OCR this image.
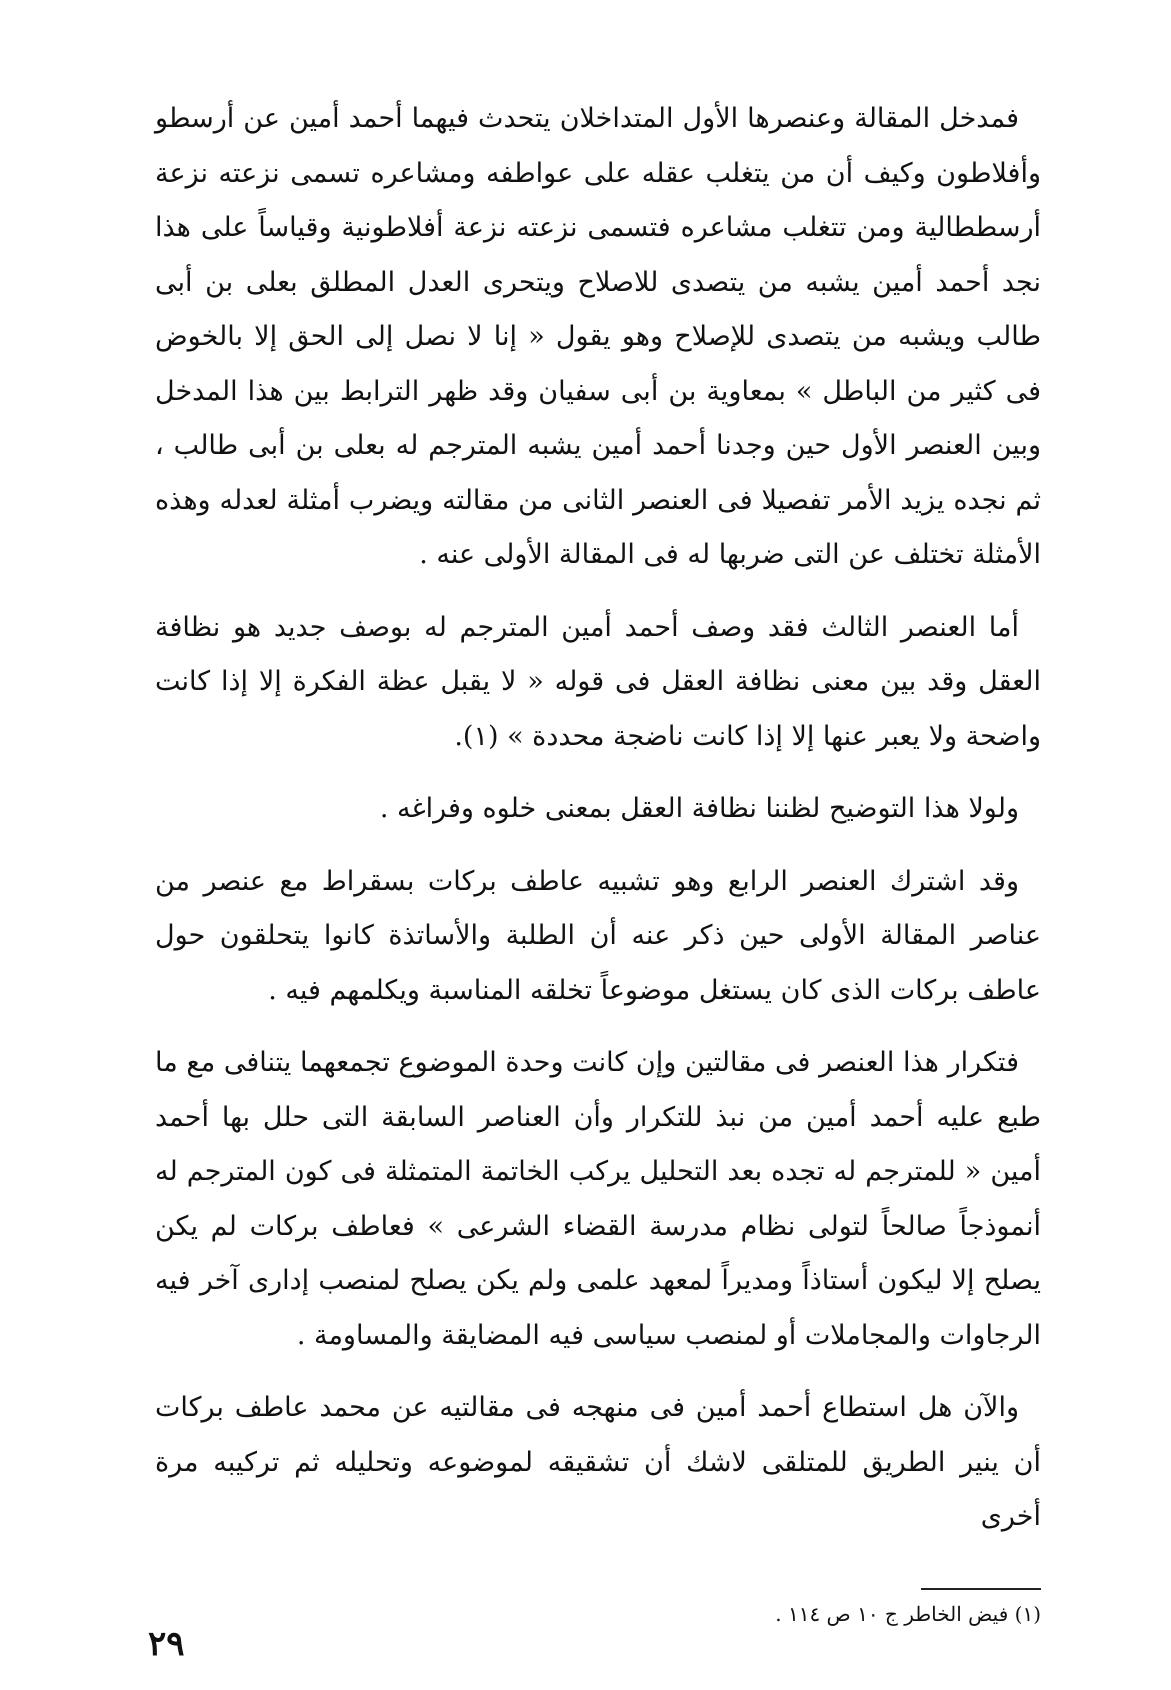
فمدخل المقالة وعنصرها الأول المتداخلان يتحدث فيهما أحمد أمين عن أرسطو وأفلاطون وكيف أن من يتغلب عقله على عواطفه ومشاعره تسمى نزعته نزعة أرسططالية ومن تتغلب مشاعره فتسمى نزعته نزعة أفلاطونية وقياساً على هذا نجد أحمد أمين يشبه من يتصدى للاصلاح ويتحرى العدل المطلق بعلى بن أبى طالب ويشبه من يتصدى للإصلاح وهو يقول « إنا لا نصل إلى الحق إلا بالخوض فى كثير من الباطل » بمعاوية بن أبى سفيان وقد ظهر الترابط بين هذا المدخل وبين العنصر الأول حين وجدنا أحمد أمين يشبه المترجم له بعلى بن أبى طالب ، ثم نجده يزيد الأمر تفصيلا فى العنصر الثانى من مقالته ويضرب أمثلة لعدله وهذه الأمثلة تختلف عن التى ضربها له فى المقالة الأولى عنه .

أما العنصر الثالث فقد وصف أحمد أمين المترجم له بوصف جديد هو نظافة العقل وقد بين معنى نظافة العقل فى قوله « لا يقبل عظة الفكرة إلا إذا كانت واضحة ولا يعبر عنها إلا إذا كانت ناضجة محددة » (١).

ولولا هذا التوضيح لظننا نظافة العقل بمعنى خلوه وفراغه .

وقد اشترك العنصر الرابع وهو تشبيه عاطف بركات بسقراط مع عنصر من عناصر المقالة الأولى حين ذكر عنه أن الطلبة والأساتذة كانوا يتحلقون حول عاطف بركات الذى كان يستغل موضوعاً تخلقه المناسبة ويكلمهم فيه .

فتكرار هذا العنصر فى مقالتين وإن كانت وحدة الموضوع تجمعهما يتنافى مع ما طبع عليه أحمد أمين من نبذ للتكرار وأن العناصر السابقة التى حلل بها أحمد أمين « للمترجم له تجده بعد التحليل يركب الخاتمة المتمثلة فى كون المترجم له أنموذجاً صالحاً لتولى نظام مدرسة القضاء الشرعى » فعاطف بركات لم يكن يصلح إلا ليكون أستاذاً ومديراً لمعهد علمى ولم يكن يصلح لمنصب إدارى آخر فيه الرجاوات والمجاملات أو لمنصب سياسى فيه المضايقة والمساومة .

والآن هل استطاع أحمد أمين فى منهجه فى مقالتيه عن محمد عاطف بركات أن ينير الطريق للمتلقى لاشك أن تشقيقه لموضوعه وتحليله ثم تركيبه مرة أخرى

(١) فيض الخاطر ج ١٠ ص ١١٤ .
٢٩
